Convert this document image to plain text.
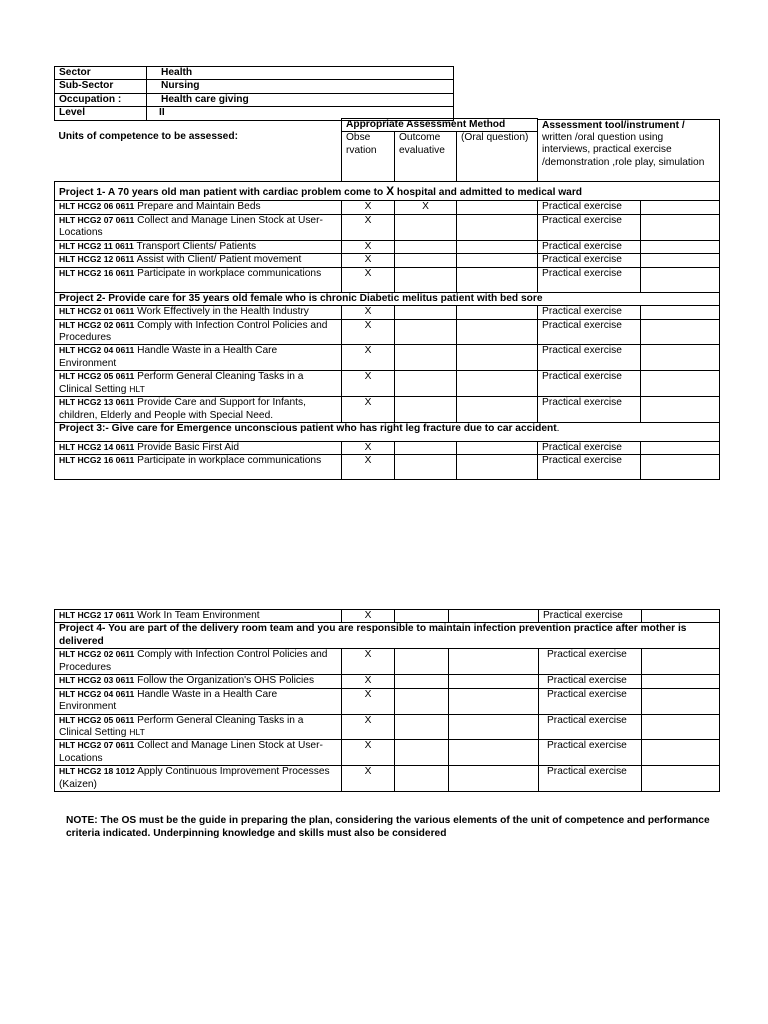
Sector	Health
Sub-Sector	Nursing
Occupation :	Health care giving
Level	II
Units of competence to be assessed:	Appropriate Assessment Method			Assessment tool/instrument /
written /oral question using interviews, practical exercise /demonstration ,role play, simulation	

	Obse rvation	Outcome evaluative	(Oral question)		
Project 1- A 70 years old man patient with cardiac problem come to X hospital and admitted to medical ward					
HLT HCG2 06 0611 Prepare and Maintain Beds	X	X		Practical exercise	
HLT HCG2 07 0611 Collect and Manage Linen Stock at User-Locations	X			Practical exercise	
HLT HCG2 11 0611 Transport Clients/ Patients	X			Practical exercise	
HLT HCG2 12 0611 Assist with Client/ Patient movement	X			Practical exercise	
HLT HCG2 16 0611 Participate in workplace communications	X			Practical exercise	
Project 2- Provide care for 35 years old female who is chronic Diabetic melitus patient with bed sore					
HLT HCG2 01 0611 Work Effectively in the Health Industry	X			Practical exercise	
HLT HCG2 02 0611 Comply with Infection Control Policies and Procedures	X			Practical exercise	
HLT HCG2 04 0611 Handle Waste in a Health Care Environment	X			Practical exercise	
HLT HCG2 05 0611 Perform General Cleaning Tasks in a Clinical Setting HLT	X			Practical exercise	
HLT HCG2 13 0611 Provide Care and Support for Infants, children, Elderly and People with Special Need.	X			Practical exercise	
Project 3:- Give care for Emergence unconscious patient who has right leg fracture due to car accident.					
HLT HCG2 14 0611 Provide Basic First Aid	X			Practical exercise	
HLT HCG2 16 0611 Participate in workplace communications	X			Practical exercise	
HLT HCG2 17 0611 Work In Team Environment	X			Practical exercise	
Project 4- You are part of the delivery room team and you are responsible to maintain infection prevention practice after mother is delivered					
HLT HCG2 02 0611 Comply with Infection Control Policies and Procedures	X			Practical exercise	
HLT HCG2 03 0611 Follow the Organization's OHS Policies	X			Practical exercise	
HLT HCG2 04 0611 Handle Waste in a Health Care Environment	X			Practical exercise	
HLT HCG2 05 0611 Perform General Cleaning Tasks in a Clinical Setting HLT	X			Practical exercise	
HLT HCG2 07 0611 Collect and Manage Linen Stock at User-Locations	X			Practical exercise	
HLT HCG2 18 1012 Apply Continuous Improvement Processes (Kaizen)	X			Practical exercise	

NOTE: The OS must be the guide in preparing the plan, considering the various elements of the unit of competence and performance criteria indicated. Underpinning knowledge and skills must also be considered
